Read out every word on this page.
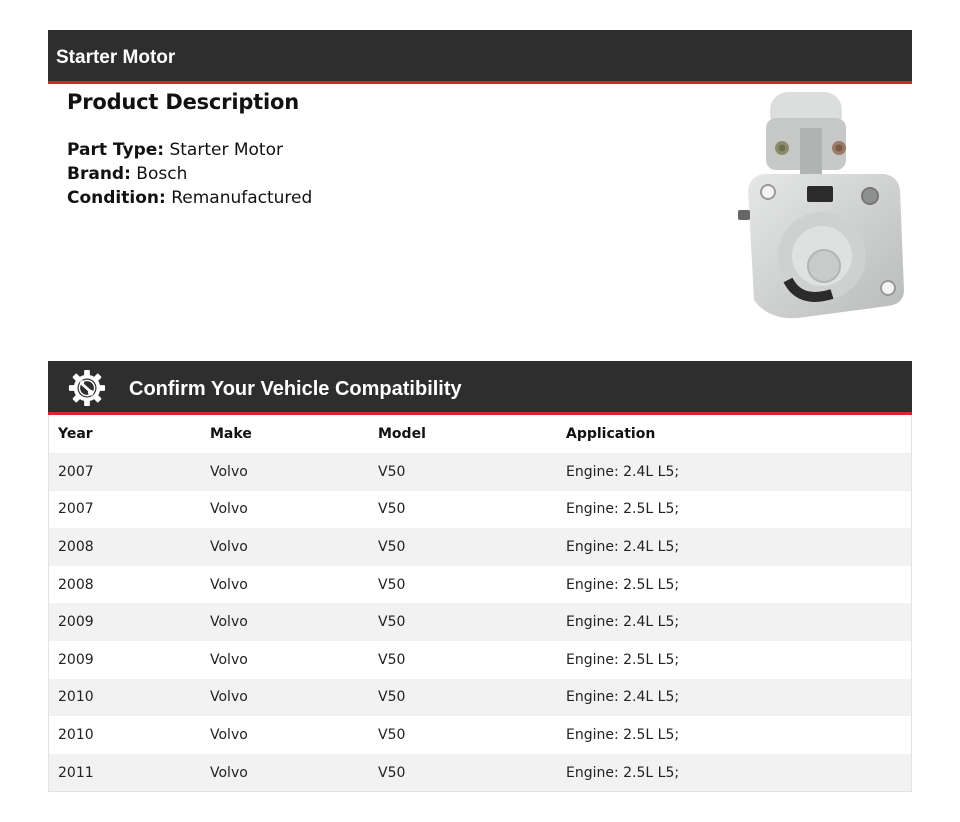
Starter Motor
Product Description
Part Type: Starter Motor
Brand: Bosch
Condition: Remanufactured
Confirm Your Vehicle Compatibility
Year	Make	Model	Application
2007	Volvo	V50	Engine: 2.4L L5;
2007	Volvo	V50	Engine: 2.5L L5;
2008	Volvo	V50	Engine: 2.4L L5;
2008	Volvo	V50	Engine: 2.5L L5;
2009	Volvo	V50	Engine: 2.4L L5;
2009	Volvo	V50	Engine: 2.5L L5;
2010	Volvo	V50	Engine: 2.4L L5;
2010	Volvo	V50	Engine: 2.5L L5;
2011	Volvo	V50	Engine: 2.5L L5;
